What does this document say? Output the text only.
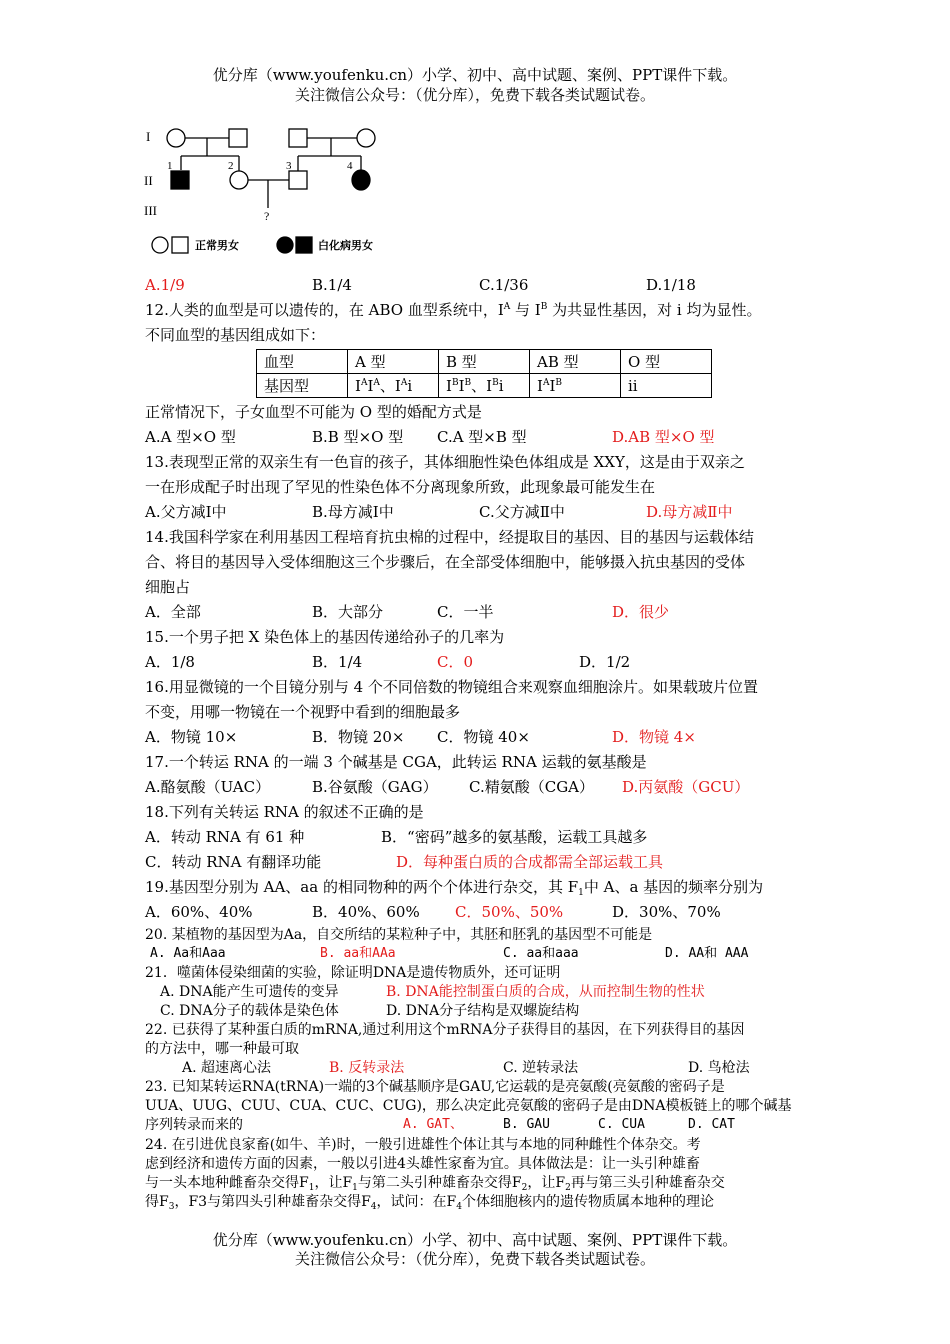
优分库（www.youfenku.cn）小学、初中、高中试题、案例、PPT课件下载。
关注微信公众号：（优分库），免费下载各类试题试卷。
I
II
III
1	2	3	4
?
正常男女	白化病男女
A.1/9	B.1/4	C.1/36	D.1/18
12.人类的血型是可以遗传的，在 ABO 血型系统中，$I^A$ 与 $I^B$ 为共显性基因，对 i 均为显性。
不同血型的基因组成如下：
血型	A 型	B 型	AB 型	O 型
基因型	$I^AI^A$、$I^Ai$	$I^BI^B$、$I^Bi$	$I^AI^B$	ii
正常情况下，子女血型不可能为 O 型的婚配方式是
A.A 型×O 型	B.B 型×O 型 C.A 型×B 型	D.AB 型×O 型
13.表现型正常的双亲生有一色盲的孩子，其体细胞性染色体组成是 XXY，这是由于双亲之
一在形成配子时出现了罕见的性染色体不分离现象所致，此现象最可能发生在
A.父方减Ⅰ中	B.母方减Ⅰ中	C.父方减Ⅱ中	D.母方减Ⅱ中
14.我国科学家在利用基因工程培育抗虫棉的过程中，经提取目的基因、目的基因与运载体结
合、将目的基因导入受体细胞这三个步骤后，在全部受体细胞中，能够摄入抗虫基因的受体
细胞占
A．全部	B．大部分	C．一半	D．很少
15.一个男子把 X 染色体上的基因传递给孙子的几率为
A．1/8	B．1/4	C．0	D．1/2
16.用显微镜的一个目镜分别与 4 个不同倍数的物镜组合来观察血细胞涂片。如果载玻片位置
不变，用哪一物镜在一个视野中看到的细胞最多
A．物镜 10×	B．物镜 20× C．物镜 40×	D．物镜 4×
17.一个转运 RNA 的一端 3 个碱基是 CGA，此转运 RNA 运载的氨基酸是
A.酪氨酸（UAC）	B.谷氨酸（GAG） C.精氨酸（CGA） D.丙氨酸（GCU）
18.下列有关转运 RNA 的叙述不正确的是
A．转动 RNA 有 61 种	B．“密码”越多的氨基酸，运载工具越多
C．转动 RNA 有翻译功能	D．每种蛋白质的合成都需全部运载工具
19.基因型分别为 AA、aa 的相同物种的两个个体进行杂交，其 $F_1$中 A、a 基因的频率分别为
A．60%、40%	B．40%、60% C．50%、50%	D．30%、70%
20. 某植物的基因型为Aa，自交所结的某粒种子中，其胚和胚乳的基因型不可能是
A. Aa和Aaa	B. aa和AAa	C. aa和aaa	D. AA和 AAA
21．噬菌体侵染细菌的实验，除证明DNA是遗传物质外，还可证明
A. DNA能产生可遗传的变异	B. DNA能控制蛋白质的合成，从而控制生物的性状
C. DNA分子的载体是染色体	D. DNA分子结构是双螺旋结构
22. 已获得了某种蛋白质的mRNA,通过利用这个mRNA分子获得目的基因，在下列获得目的基因
的方法中，哪一种最可取
A. 超速离心法	B. 反转录法	C. 逆转录法	D. 鸟枪法
23. 已知某转运RNA(tRNA)一端的3个碱基顺序是GAU,它运载的是亮氨酸(亮氨酸的密码子是
UUA、UUG、CUU、CUA、CUC、CUG)，那么决定此亮氨酸的密码子是由DNA模板链上的哪个碱基
序列转录而来的	A. GAT、	B. GAU	C. CUA	D. CAT
24. 在引进优良家畜(如牛、羊)时，一般引进雄性个体让其与本地的同种雌性个体杂交。考
虑到经济和遗传方面的因素，一般以引进4头雄性家畜为宜。具体做法是：让一头引种雄畜
与一头本地种雌畜杂交得$F_1$，让$F_1$与第二头引种雄畜杂交得$F_2$，让$F_2$再与第三头引种雄畜杂交
得$F_3$，F3与第四头引种雄畜杂交得$F_4$，试问：在$F_4$个体细胞核内的遗传物质属本地种的理论
优分库（www.youfenku.cn）小学、初中、高中试题、案例、PPT课件下载。
关注微信公众号：（优分库），免费下载各类试题试卷。
